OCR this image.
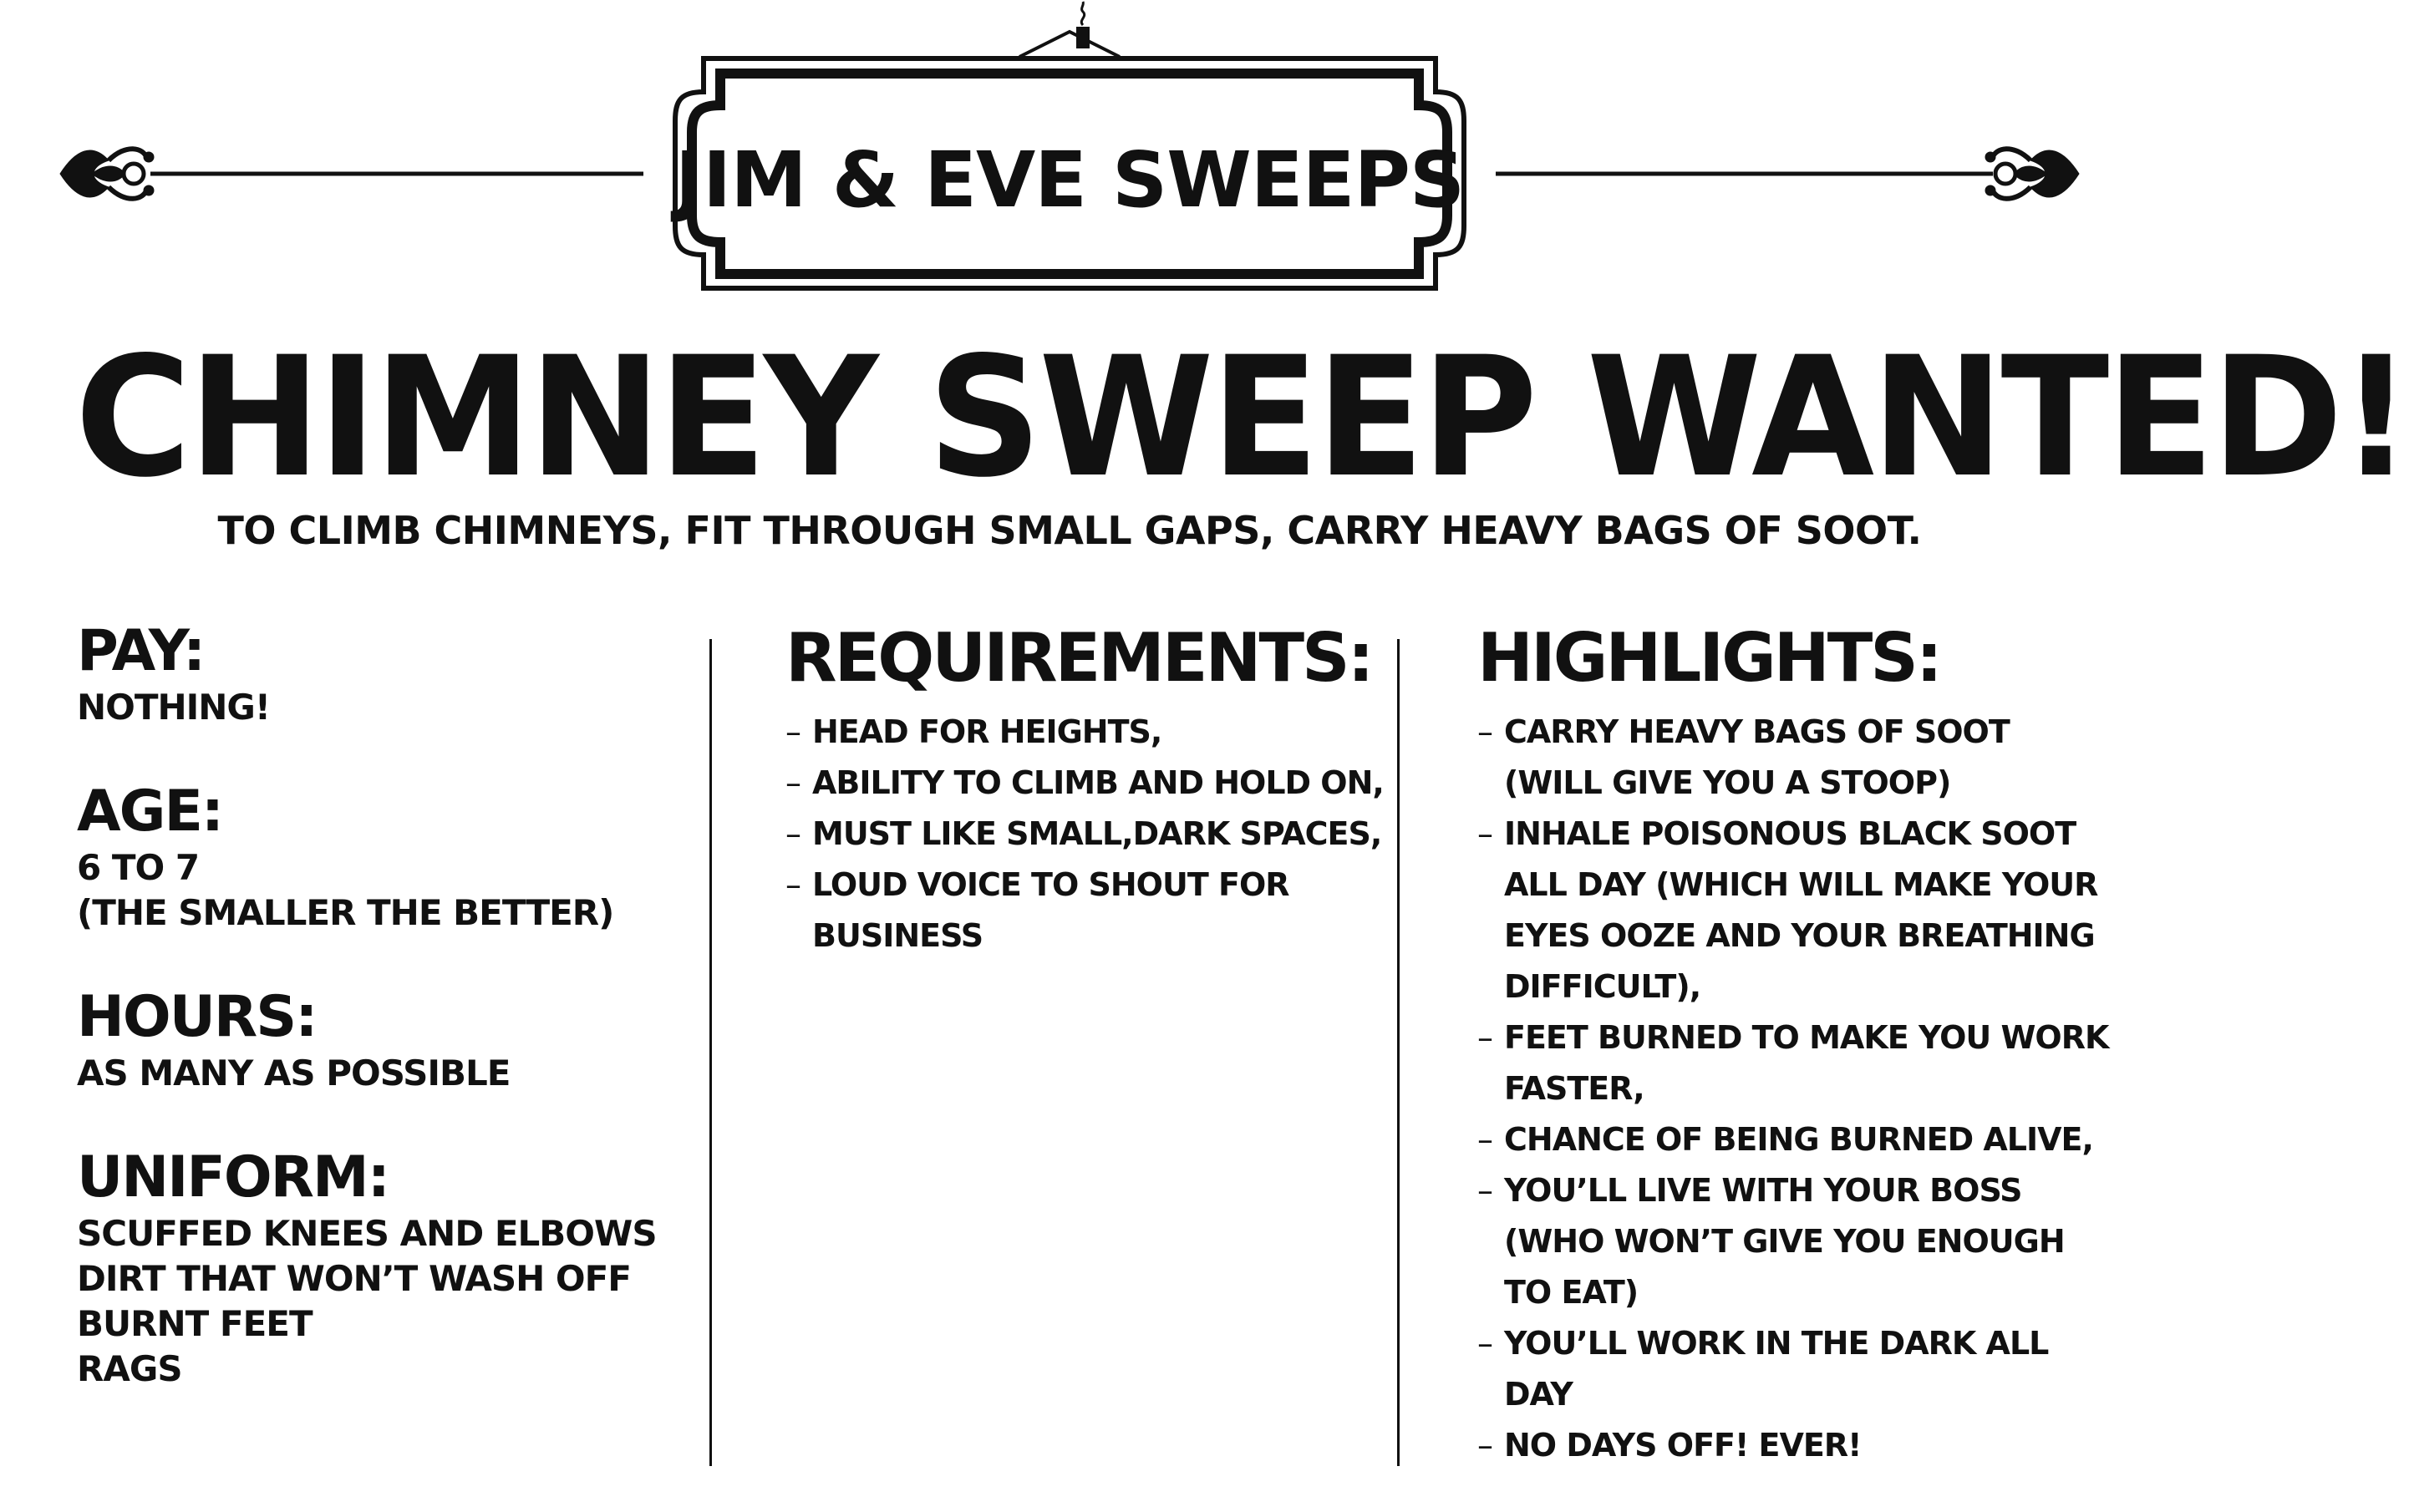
JIM & EVE SWEEPS
CHIMNEY SWEEP WANTED!
TO CLIMB CHIMNEYS, FIT THROUGH SMALL GAPS, CARRY HEAVY BAGS OF SOOT.

PAY:

NOTHING!

AGE:

6 TO 7

(THE SMALLER THE BETTER)

HOURS:

AS MANY AS POSSIBLE

UNIFORM:

SCUFFED KNEES AND ELBOWS

DIRT THAT WON’T WASH OFF

BURNT FEET

RAGS

REQUIREMENTS:

– HEAD FOR HEIGHTS,
– ABILITY TO CLIMB AND HOLD ON,
– MUST LIKE SMALL,DARK SPACES,
– LOUD VOICE TO SHOUT FOR BUSINESS

HIGHLIGHTS:

– CARRY HEAVY BAGS OF SOOT (WILL GIVE YOU A STOOP)
– INHALE POISONOUS BLACK SOOT ALL DAY (WHICH WILL MAKE YOUR EYES OOZE AND YOUR BREATHING DIFFICULT),
– FEET BURNED TO MAKE YOU WORK FASTER,
– CHANCE OF BEING BURNED ALIVE,
– YOU’LL LIVE WITH YOUR BOSS (WHO WON’T GIVE YOU ENOUGH TO EAT)
– YOU’LL WORK IN THE DARK ALL DAY
– NO DAYS OFF! EVER!
